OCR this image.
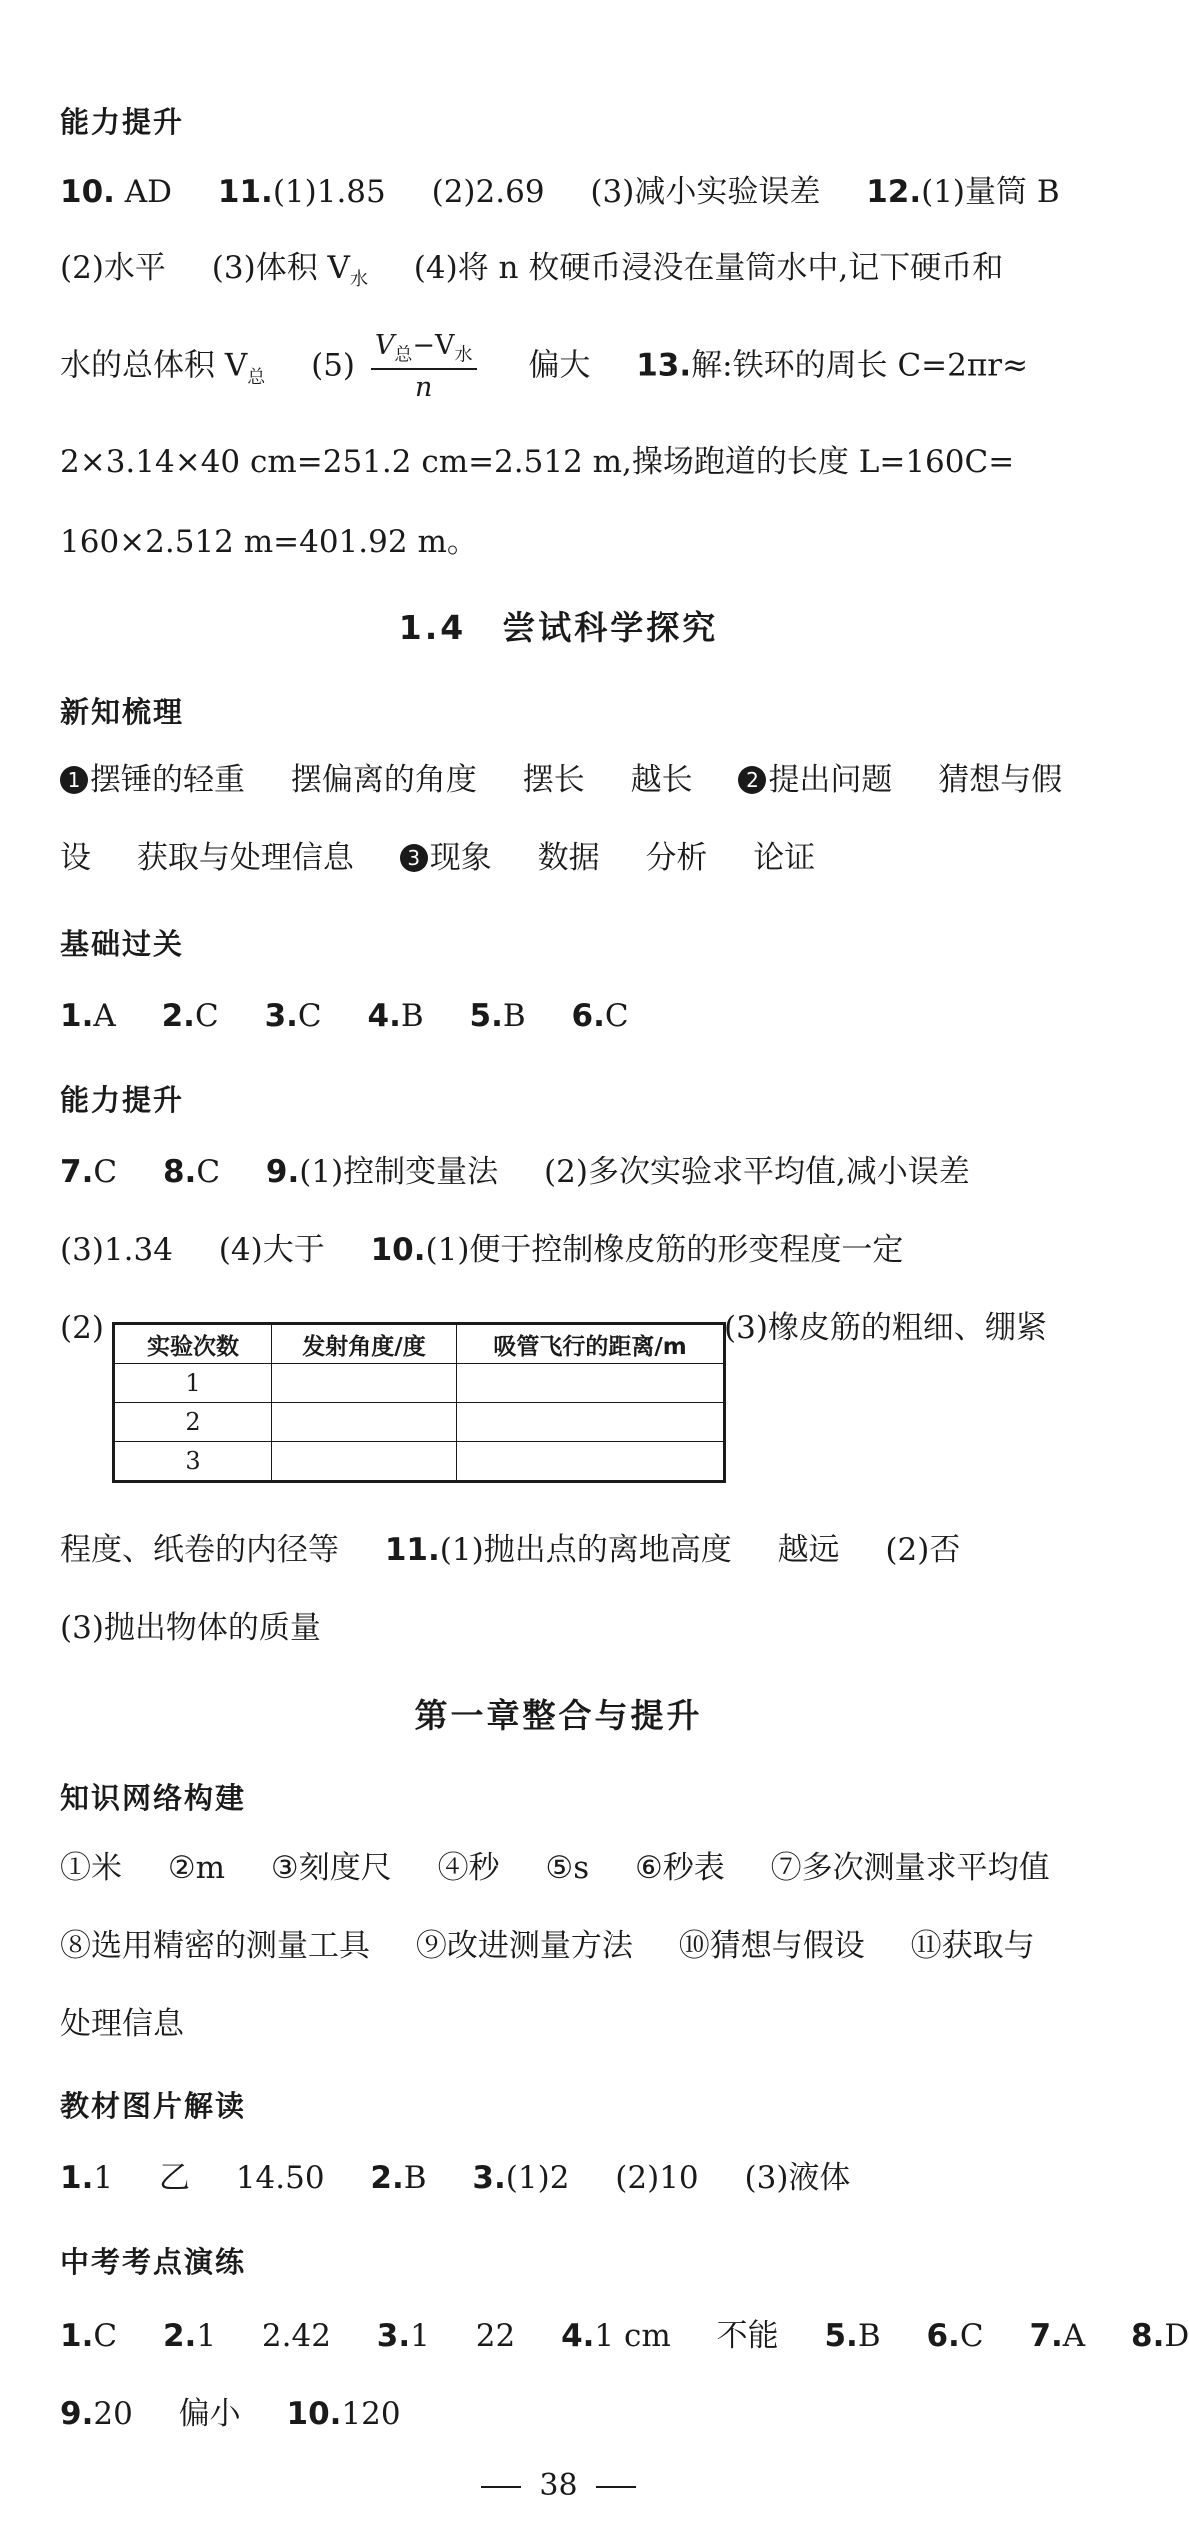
能力提升
10. AD 11.(1)1.85 (2)2.69 (3)减小实验误差 12.(1)量筒 B
(2)水平 (3)体积 $V_水$ (4)将 n 枚硬币浸没在量筒水中,记下硬币和
水的总体积 $V_总$ $(5) \frac{V_总-V_水}{n}$ 偏大 13.解:铁环的周长 C=2πr≈
2×3.14×40 cm=251.2 cm=2.512 m,操场跑道的长度 L=160C=
160×2.512 m=401.92 m。
1.4　尝试科学探究
新知梳理
1 摆锤的轻重 摆偏离的角度 摆长 越长	2 提出问题 猜想与假
设 获取与处理信息	3 现象 数据 分析 论证
基础过关
1.A 2.C 3.C 4.B 5.B 6.C
能力提升
7.C 8.C 9.(1)控制变量法 (2)多次实验求平均值,减小误差
(3)1.34 (4)大于 10.(1)便于控制橡皮筋的形变程度一定
(2)
实验次数	发射角度/度	吸管飞行的距离/m
1		
2		
3		
(3)橡皮筋的粗细、绷紧
程度、纸卷的内径等 11.(1)抛出点的离地高度 越远 (2)否
(3)抛出物体的质量
第一章整合与提升
知识网络构建
①米 ②m ③刻度尺 ④秒 ⑤s ⑥秒表 ⑦多次测量求平均值
⑧选用精密的测量工具 ⑨改进测量方法 ⑩猜想与假设 ⑪获取与
处理信息
教材图片解读
1.1 乙 14.50 2.B 3.(1)2 (2)10 (3)液体
中考考点演练
1.C 2.1 2.42 3.1 22 4.1 cm 不能 5.B 6.C 7.A 8.D
9.20 偏小 10.120
38
